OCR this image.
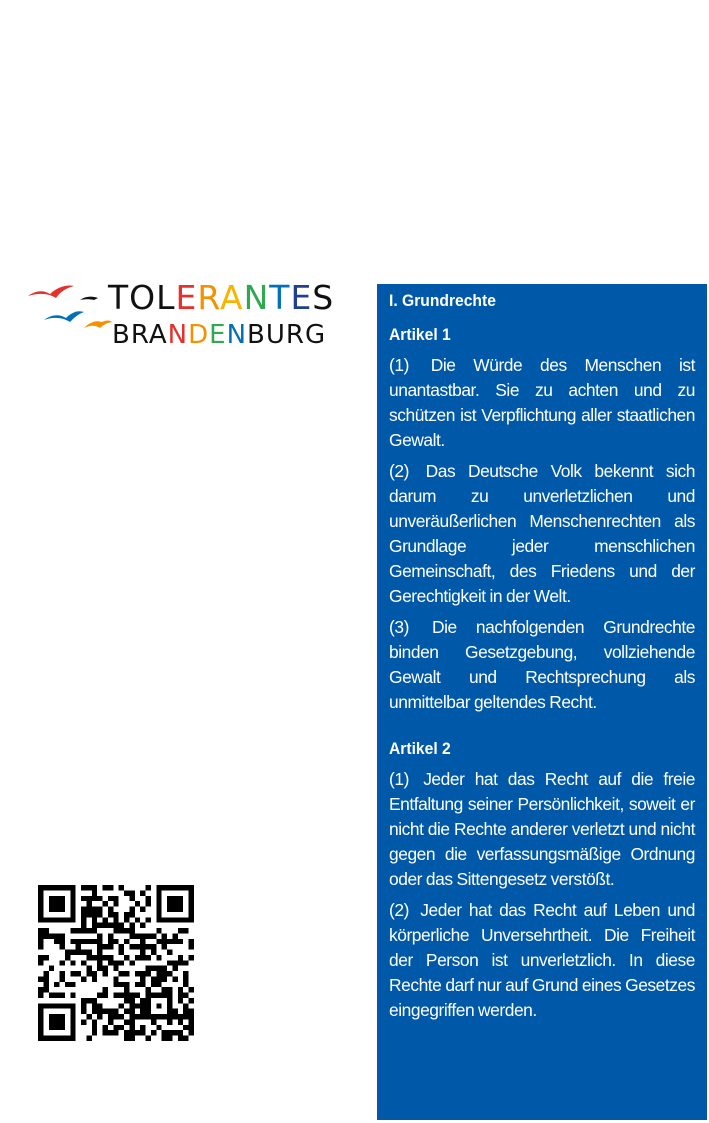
TOLERANTES
BRANDENBURG
I. Grundrechte
Artikel 1
(1) Die Würde des Menschen ist unantastbar. Sie zu achten und zu schützen ist Verpflichtung aller staatlichen Gewalt.
(2) Das Deutsche Volk bekennt sich darum zu unverletzlichen und unveräußerlichen Menschenrechten als Grundlage jeder menschlichen Gemeinschaft, des Friedens und der Gerechtigkeit in der Welt.
(3) Die nachfolgenden Grundrechte binden Gesetzgebung, vollziehende Gewalt und Rechtsprechung als unmittelbar geltendes Recht.
Artikel 2
(1) Jeder hat das Recht auf die freie Entfaltung seiner Persönlichkeit, soweit er nicht die Rechte anderer verletzt und nicht gegen die verfassungsmäßige Ordnung oder das Sittengesetz verstößt.
(2) Jeder hat das Recht auf Leben und körperliche Unversehrtheit. Die Freiheit der Person ist unverletzlich. In diese Rechte darf nur auf Grund eines Gesetzes eingegriffen werden.
